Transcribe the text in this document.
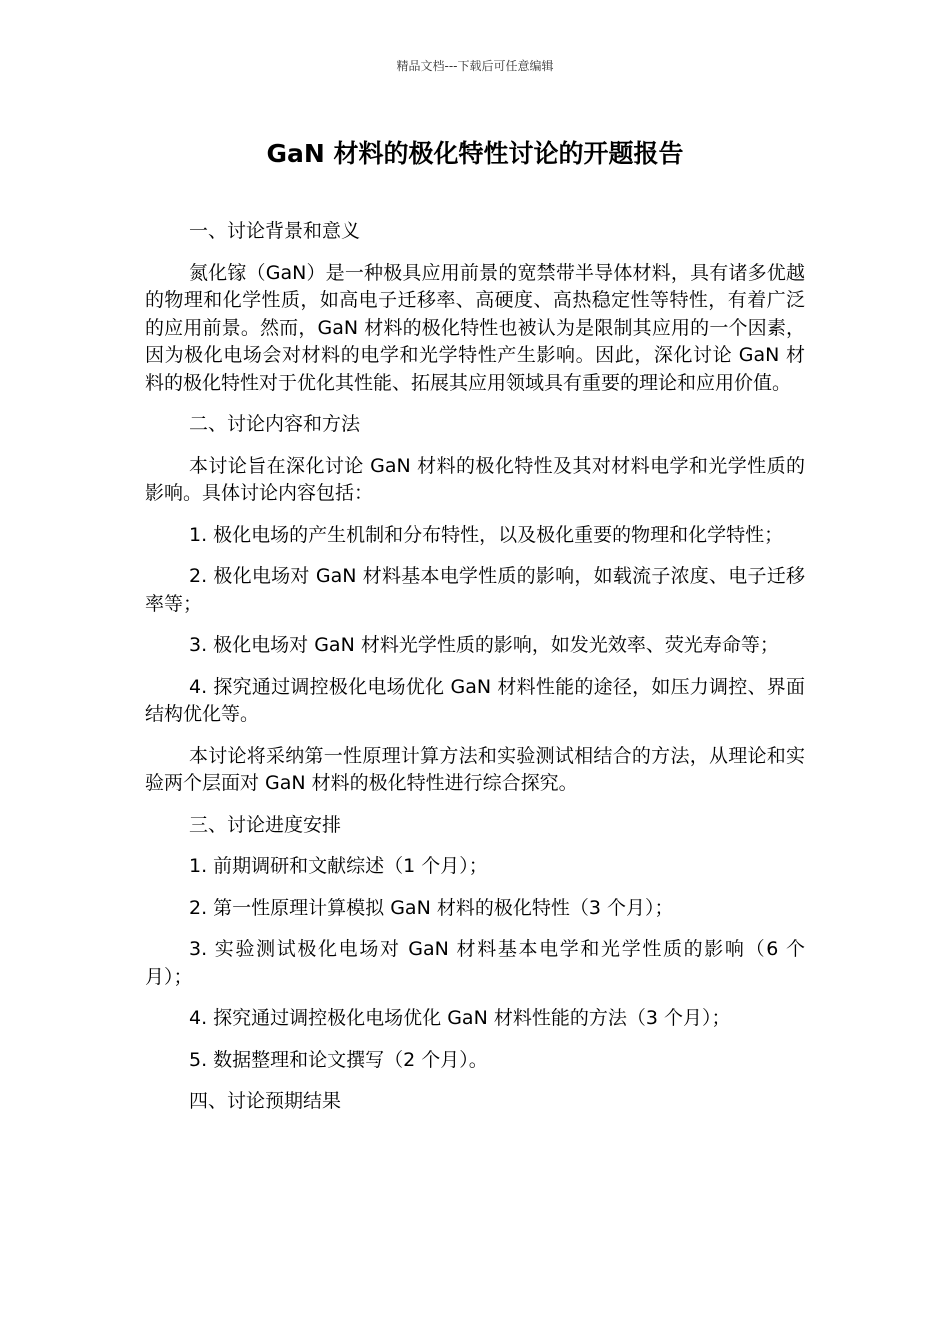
精品文档---下载后可任意编辑
GaN 材料的极化特性讨论的开题报告

一、讨论背景和意义

氮化镓（GaN）是一种极具应用前景的宽禁带半导体材料，具有诸多优越的物理和化学性质，如高电子迁移率、高硬度、高热稳定性等特性，有着广泛的应用前景。然而，GaN 材料的极化特性也被认为是限制其应用的一个因素，因为极化电场会对材料的电学和光学特性产生影响。因此，深化讨论 GaN 材料的极化特性对于优化其性能、拓展其应用领域具有重要的理论和应用价值。

二、讨论内容和方法

本讨论旨在深化讨论 GaN 材料的极化特性及其对材料电学和光学性质的影响。具体讨论内容包括：

1. 极化电场的产生机制和分布特性，以及极化重要的物理和化学特性；

2. 极化电场对 GaN 材料基本电学性质的影响，如载流子浓度、电子迁移率等；

3. 极化电场对 GaN 材料光学性质的影响，如发光效率、荧光寿命等；

4. 探究通过调控极化电场优化 GaN 材料性能的途径，如压力调控、界面结构优化等。

本讨论将采纳第一性原理计算方法和实验测试相结合的方法，从理论和实验两个层面对 GaN 材料的极化特性进行综合探究。

三、讨论进度安排

1. 前期调研和文献综述（1 个月）；

2. 第一性原理计算模拟 GaN 材料的极化特性（3 个月）；

3. 实验测试极化电场对 GaN 材料基本电学和光学性质的影响（6 个月）；

4. 探究通过调控极化电场优化 GaN 材料性能的方法（3 个月）；

5. 数据整理和论文撰写（2 个月）。

四、讨论预期结果
